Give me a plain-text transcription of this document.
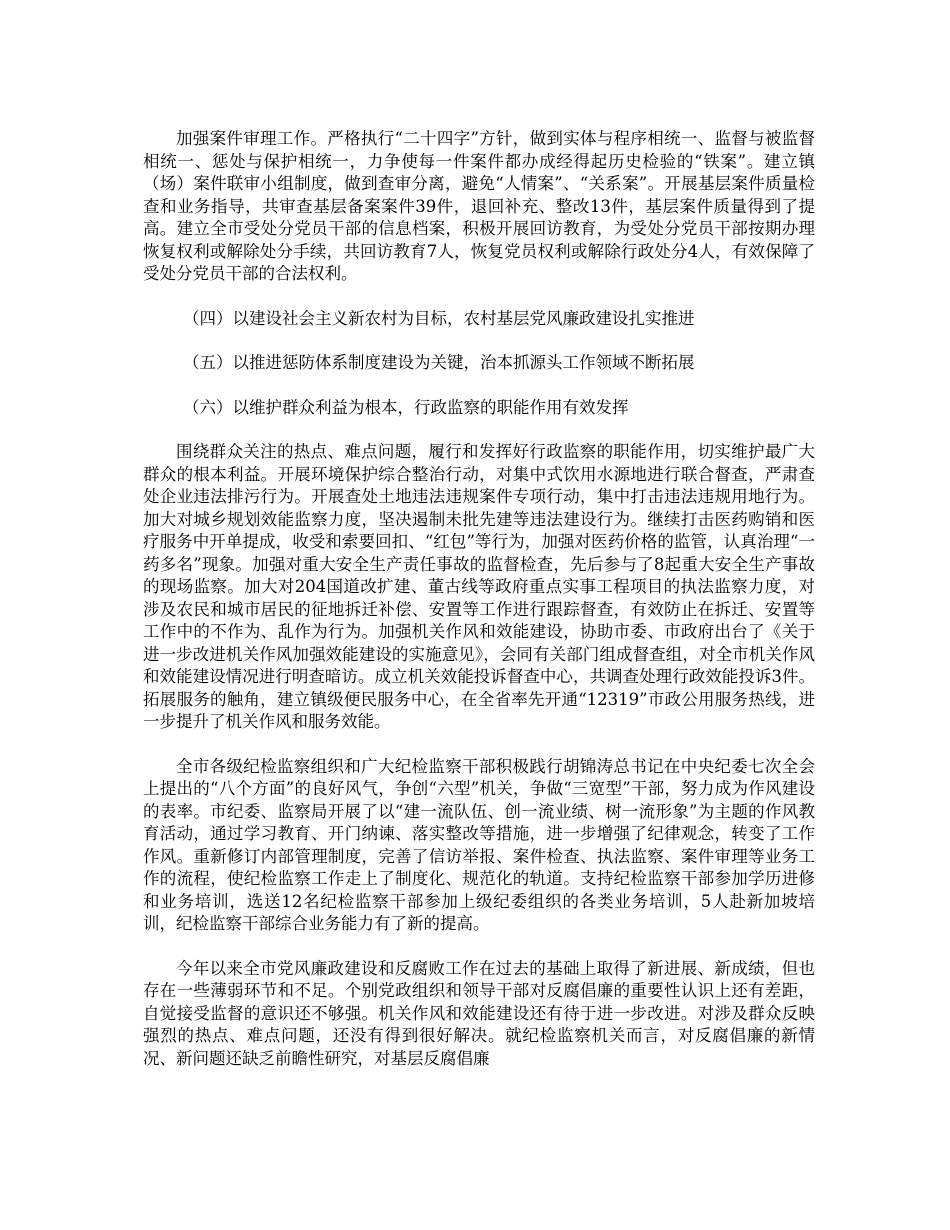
加强案件审理工作。严格执行“二十四字”方针，做到实体与程序相统一、监督与被监督相统一、惩处与保护相统一，力争使每一件案件都办成经得起历史检验的“铁案”。建立镇（场）案件联审小组制度，做到查审分离，避免“人情案”、“关系案”。开展基层案件质量检查和业务指导，共审查基层备案案件39件，退回补充、整改13件，基层案件质量得到了提高。建立全市受处分党员干部的信息档案，积极开展回访教育，为受处分党员干部按期办理恢复权利或解除处分手续，共回访教育7人，恢复党员权利或解除行政处分4人，有效保障了受处分党员干部的合法权利。

（四）以建设社会主义新农村为目标，农村基层党风廉政建设扎实推进

（五）以推进惩防体系制度建设为关键，治本抓源头工作领域不断拓展

（六）以维护群众利益为根本，行政监察的职能作用有效发挥

围绕群众关注的热点、难点问题，履行和发挥好行政监察的职能作用，切实维护最广大群众的根本利益。开展环境保护综合整治行动，对集中式饮用水源地进行联合督查，严肃查处企业违法排污行为。开展查处土地违法违规案件专项行动，集中打击违法违规用地行为。加大对城乡规划效能监察力度，坚决遏制未批先建等违法建设行为。继续打击医药购销和医疗服务中开单提成，收受和索要回扣、“红包”等行为，加强对医药价格的监管，认真治理“一药多名”现象。加强对重大安全生产责任事故的监督检查，先后参与了8起重大安全生产事故的现场监察。加大对204国道改扩建、董古线等政府重点实事工程项目的执法监察力度，对涉及农民和城市居民的征地拆迁补偿、安置等工作进行跟踪督查，有效防止在拆迁、安置等工作中的不作为、乱作为行为。加强机关作风和效能建设，协助市委、市政府出台了《关于进一步改进机关作风加强效能建设的实施意见》，会同有关部门组成督查组，对全市机关作风和效能建设情况进行明查暗访。成立机关效能投诉督查中心，共调查处理行政效能投诉3件。拓展服务的触角，建立镇级便民服务中心，在全省率先开通“12319”市政公用服务热线，进一步提升了机关作风和服务效能。

全市各级纪检监察组织和广大纪检监察干部积极践行胡锦涛总书记在中央纪委七次全会上提出的“八个方面”的良好风气，争创“六型”机关，争做“三宽型”干部，努力成为作风建设的表率。市纪委、监察局开展了以“建一流队伍、创一流业绩、树一流形象”为主题的作风教育活动，通过学习教育、开门纳谏、落实整改等措施，进一步增强了纪律观念，转变了工作作风。重新修订内部管理制度，完善了信访举报、案件检查、执法监察、案件审理等业务工作的流程，使纪检监察工作走上了制度化、规范化的轨道。支持纪检监察干部参加学历进修和业务培训，选送12名纪检监察干部参加上级纪委组织的各类业务培训，5人赴新加坡培训，纪检监察干部综合业务能力有了新的提高。

今年以来全市党风廉政建设和反腐败工作在过去的基础上取得了新进展、新成绩，但也存在一些薄弱环节和不足。个别党政组织和领导干部对反腐倡廉的重要性认识上还有差距，自觉接受监督的意识还不够强。机关作风和效能建设还有待于进一步改进。对涉及群众反映强烈的热点、难点问题，还没有得到很好解决。就纪检监察机关而言，对反腐倡廉的新情况、新问题还缺乏前瞻性研究，对基层反腐倡廉
